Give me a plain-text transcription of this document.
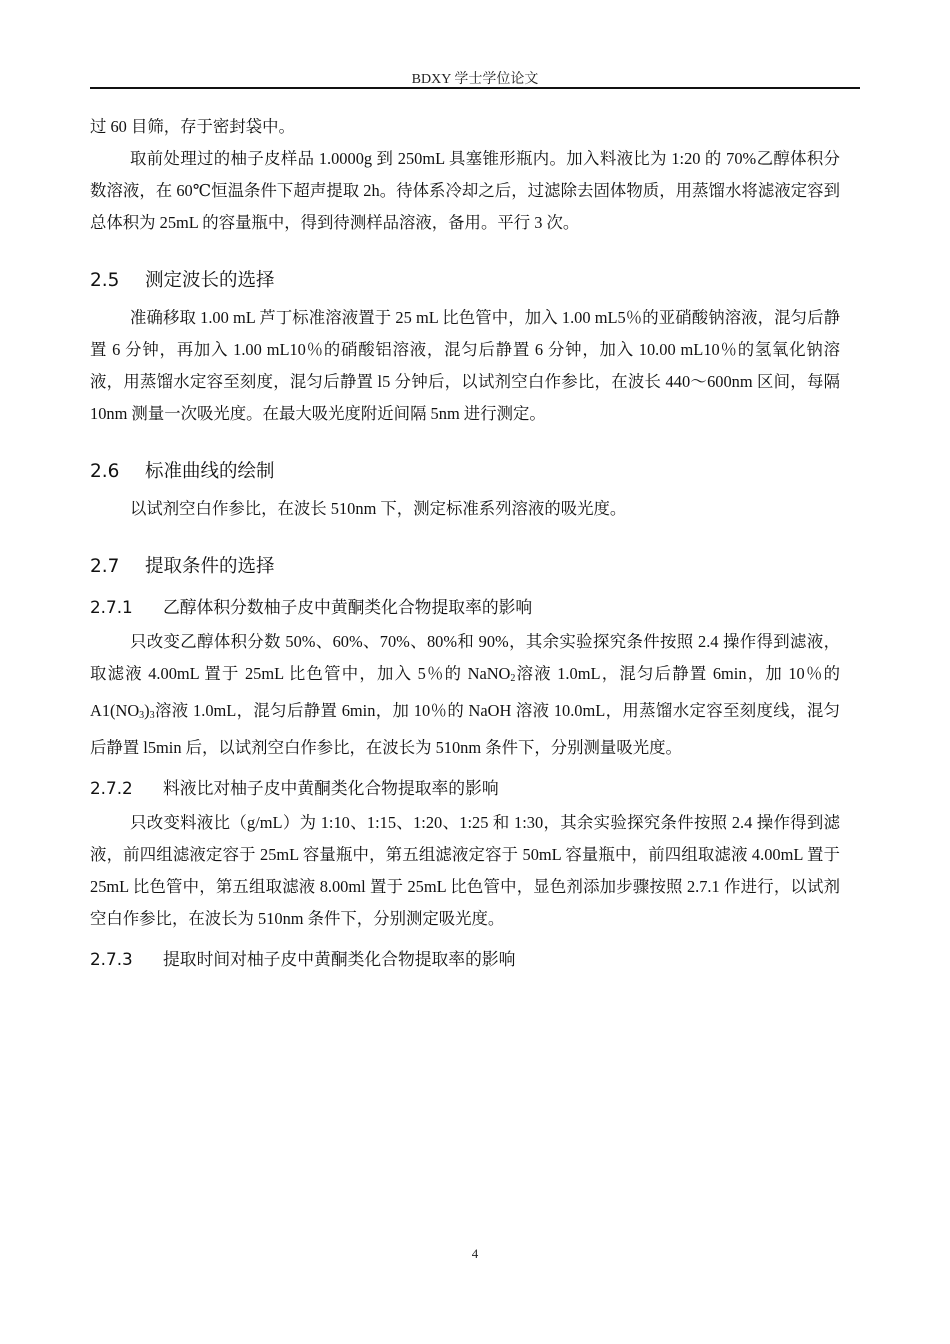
BDXY 学士学位论文

过 60 目筛，存于密封袋中。

取前处理过的柚子皮样品 1.0000g 到 250mL 具塞锥形瓶内。加入料液比为 1:20 的 70%乙醇体积分数溶液，在 60℃恒温条件下超声提取 2h。待体系冷却之后，过滤除去固体物质，用蒸馏水将滤液定容到总体积为 25mL 的容量瓶中，得到待测样品溶液，备用。平行 3 次。

2.5 测定波长的选择

准确移取 1.00 mL 芦丁标准溶液置于 25 mL 比色管中，加入 1.00 mL5％的亚硝酸钠溶液，混匀后静置 6 分钟，再加入 1.00 mL10％的硝酸铝溶液，混匀后静置 6 分钟，加入 10.00 mL10％的氢氧化钠溶液，用蒸馏水定容至刻度，混匀后静置 l5 分钟后，以试剂空白作参比，在波长 440～600nm 区间，每隔 10nm 测量一次吸光度。在最大吸光度附近间隔 5nm 进行测定。

2.6 标准曲线的绘制

以试剂空白作参比，在波长 510nm 下，测定标准系列溶液的吸光度。

2.7 提取条件的选择

2.7.1 乙醇体积分数柚子皮中黄酮类化合物提取率的影响

只改变乙醇体积分数 50%、60%、70%、80%和 90%，其余实验探究条件按照 2.4 操作得到滤液，取滤液 4.00mL 置于 25mL 比色管中，加入 5％的 NaNO$_2$溶液 1.0mL，混匀后静置 6min，加 10％的 $A1(NO_3)_3$溶液 1.0mL，混匀后静置 6min，加 10％的 NaOH 溶液 10.0mL，用蒸馏水定容至刻度线，混匀后静置 l5min 后，以试剂空白作参比，在波长为 510nm 条件下，分别测量吸光度。

2.7.2 料液比对柚子皮中黄酮类化合物提取率的影响

只改变料液比（g/mL）为 1:10、1:15、1:20、1:25 和 1:30，其余实验探究条件按照 2.4 操作得到滤液，前四组滤液定容于 25mL 容量瓶中，第五组滤液定容于 50mL 容量瓶中，前四组取滤液 4.00mL 置于 25mL 比色管中，第五组取滤液 8.00ml 置于 25mL 比色管中，显色剂添加步骤按照 2.7.1 作进行，以试剂空白作参比，在波长为 510nm 条件下，分别测定吸光度。

2.7.3 提取时间对柚子皮中黄酮类化合物提取率的影响

4
